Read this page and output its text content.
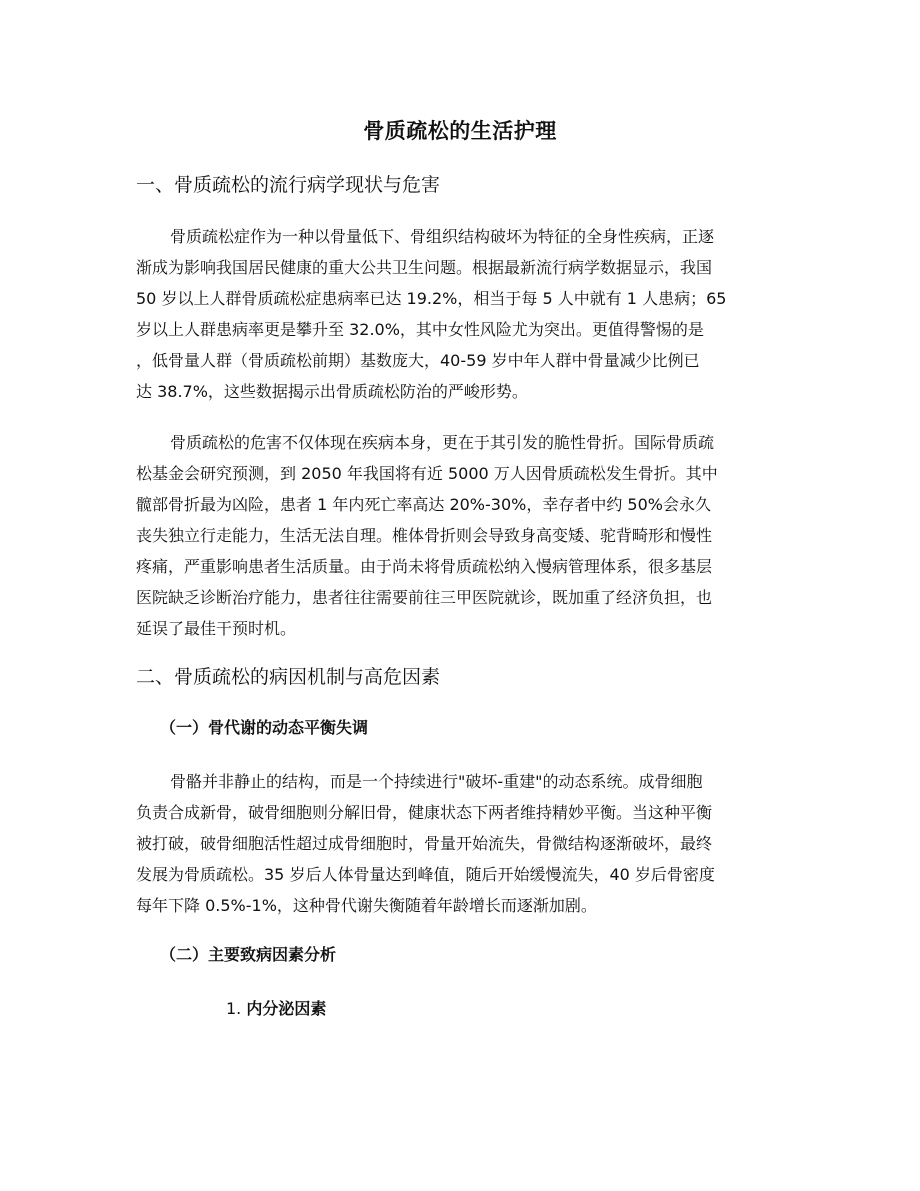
骨质疏松的生活护理
一、骨质疏松的流行病学现状与危害
骨质疏松症作为一种以骨量低下、骨组织结构破坏为特征的全身性疾病，正逐
渐成为影响我国居民健康的重大公共卫生问题。根据最新流行病学数据显示，我国
50 岁以上人群骨质疏松症患病率已达 19.2%，相当于每 5 人中就有 1 人患病；65
岁以上人群患病率更是攀升至 32.0%，其中女性风险尤为突出。更值得警惕的是
，低骨量人群（骨质疏松前期）基数庞大，40-59 岁中年人群中骨量减少比例已
达 38.7%，这些数据揭示出骨质疏松防治的严峻形势。
骨质疏松的危害不仅体现在疾病本身，更在于其引发的脆性骨折。国际骨质疏
松基金会研究预测，到 2050 年我国将有近 5000 万人因骨质疏松发生骨折。其中
髋部骨折最为凶险，患者 1 年内死亡率高达 20%-30%，幸存者中约 50%会永久
丧失独立行走能力，生活无法自理。椎体骨折则会导致身高变矮、驼背畸形和慢性
疼痛，严重影响患者生活质量。由于尚未将骨质疏松纳入慢病管理体系，很多基层
医院缺乏诊断治疗能力，患者往往需要前往三甲医院就诊，既加重了经济负担，也
延误了最佳干预时机。
二、骨质疏松的病因机制与高危因素
（一）骨代谢的动态平衡失调
骨骼并非静止的结构，而是一个持续进行"破坏-重建"的动态系统。成骨细胞
负责合成新骨，破骨细胞则分解旧骨，健康状态下两者维持精妙平衡。当这种平衡
被打破，破骨细胞活性超过成骨细胞时，骨量开始流失，骨微结构逐渐破坏，最终
发展为骨质疏松。35 岁后人体骨量达到峰值，随后开始缓慢流失，40 岁后骨密度
每年下降 0.5%-1%，这种骨代谢失衡随着年龄增长而逐渐加剧。
（二）主要致病因素分析
1. 内分泌因素
